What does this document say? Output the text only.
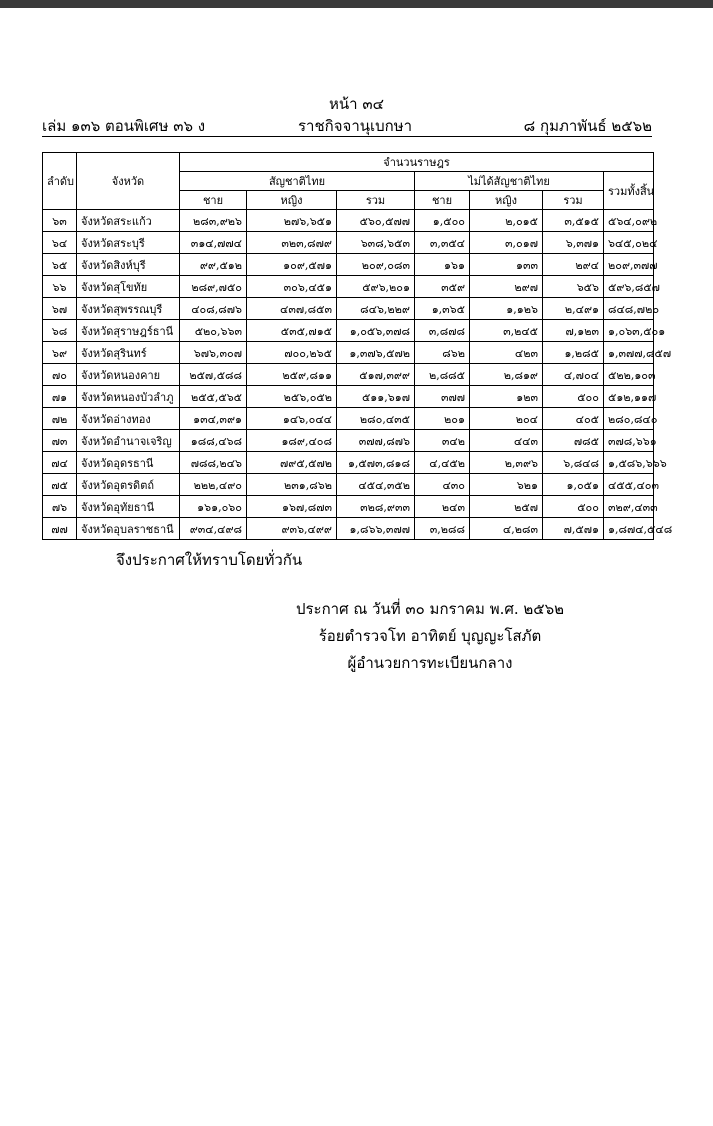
หน้า ๓๔
เล่ม ๑๓๖ ตอนพิเศษ ๓๖ ง	ราชกิจจานุเบกษา	๘ กุมภาพันธ์ ๒๕๖๒
ลำดับ	จังหวัด	จำนวนราษฎร						
		สัญชาติไทย			ไม่ได้สัญชาติไทย			รวมทั้งสิ้น
		ชาย	หญิง	รวม	ชาย	หญิง	รวม	
๖๓	จังหวัดสระแก้ว	๒๘๓,๙๒๖	๒๗๖,๖๕๑	๕๖๐,๕๗๗	๑,๕๐๐	๒,๐๑๕	๓,๕๑๕	๕๖๔,๐๙๒
๖๔	จังหวัดสระบุรี	๓๑๔,๗๗๔	๓๒๓,๘๗๙	๖๓๘,๖๕๓	๓,๓๕๔	๓,๐๑๗	๖,๓๗๑	๖๔๕,๐๒๔
๖๕	จังหวัดสิงห์บุรี	๙๙,๕๑๒	๑๐๙,๕๗๑	๒๐๙,๐๘๓	๑๖๑	๑๓๓	๒๙๔	๒๐๙,๓๗๗
๖๖	จังหวัดสุโขทัย	๒๘๙,๗๕๐	๓๐๖,๔๕๑	๕๙๖,๒๐๑	๓๕๙	๒๙๗	๖๕๖	๕๙๖,๘๕๗
๖๗	จังหวัดสุพรรณบุรี	๔๐๘,๘๗๖	๔๓๗,๘๕๓	๘๔๖,๒๒๙	๑,๓๖๕	๑,๑๒๖	๒,๔๙๑	๘๔๘,๗๒๐
๖๘	จังหวัดสุราษฎร์ธานี	๕๒๐,๖๖๓	๕๓๕,๗๑๕	๑,๐๕๖,๓๗๘	๓,๘๗๘	๓,๒๔๕	๗,๑๒๓	๑,๐๖๓,๕๐๑
๖๙	จังหวัดสุรินทร์	๖๗๖,๓๐๗	๗๐๐,๒๖๕	๑,๓๗๖,๕๗๒	๘๖๒	๔๒๓	๑,๒๘๕	๑,๓๗๗,๘๕๗
๗๐	จังหวัดหนองคาย	๒๕๗,๕๘๘	๒๕๙,๘๑๑	๕๑๗,๓๙๙	๒,๘๘๕	๒,๘๑๙	๔,๗๐๔	๕๒๒,๑๐๓
๗๑	จังหวัดหนองบัวลำภู	๒๕๕,๕๖๕	๒๕๖,๐๕๒	๕๑๑,๖๑๗	๓๗๗	๑๒๓	๕๐๐	๕๑๒,๑๑๗
๗๒	จังหวัดอ่างทอง	๑๓๔,๓๙๑	๑๔๖,๐๔๔	๒๘๐,๔๓๕	๒๐๑	๒๐๔	๔๐๕	๒๘๐,๘๔๐
๗๓	จังหวัดอำนาจเจริญ	๑๘๘,๔๖๘	๑๘๙,๔๐๘	๓๗๗,๘๗๖	๓๔๒	๔๔๓	๗๘๕	๓๗๘,๖๖๑
๗๔	จังหวัดอุดรธานี	๗๘๘,๒๔๖	๗๙๕,๕๗๒	๑,๕๗๓,๘๑๘	๔,๔๕๒	๒,๓๙๖	๖,๘๔๘	๑,๕๘๖,๖๖๖
๗๕	จังหวัดอุตรดิตถ์	๒๒๒,๔๙๐	๒๓๑,๘๖๒	๔๕๔,๓๕๒	๔๓๐	๖๒๑	๑,๐๕๑	๔๕๕,๔๐๓
๗๖	จังหวัดอุทัยธานี	๑๖๑,๐๖๐	๑๖๗,๘๗๓	๓๒๘,๙๓๓	๒๔๓	๒๕๗	๕๐๐	๓๒๙,๔๓๓
๗๗	จังหวัดอุบลราชธานี	๙๓๔,๔๙๘	๙๓๖,๔๙๙	๑,๘๖๖,๓๗๗	๓,๒๘๘	๔,๒๘๓	๗,๕๗๑	๑,๘๗๔,๕๔๘
จึงประกาศให้ทราบโดยทั่วกัน
ประกาศ ณ วันที่ ๓๐ มกราคม พ.ศ. ๒๕๖๒
ร้อยตำรวจโท อาทิตย์ บุญญะโสภัต
ผู้อำนวยการทะเบียนกลาง
